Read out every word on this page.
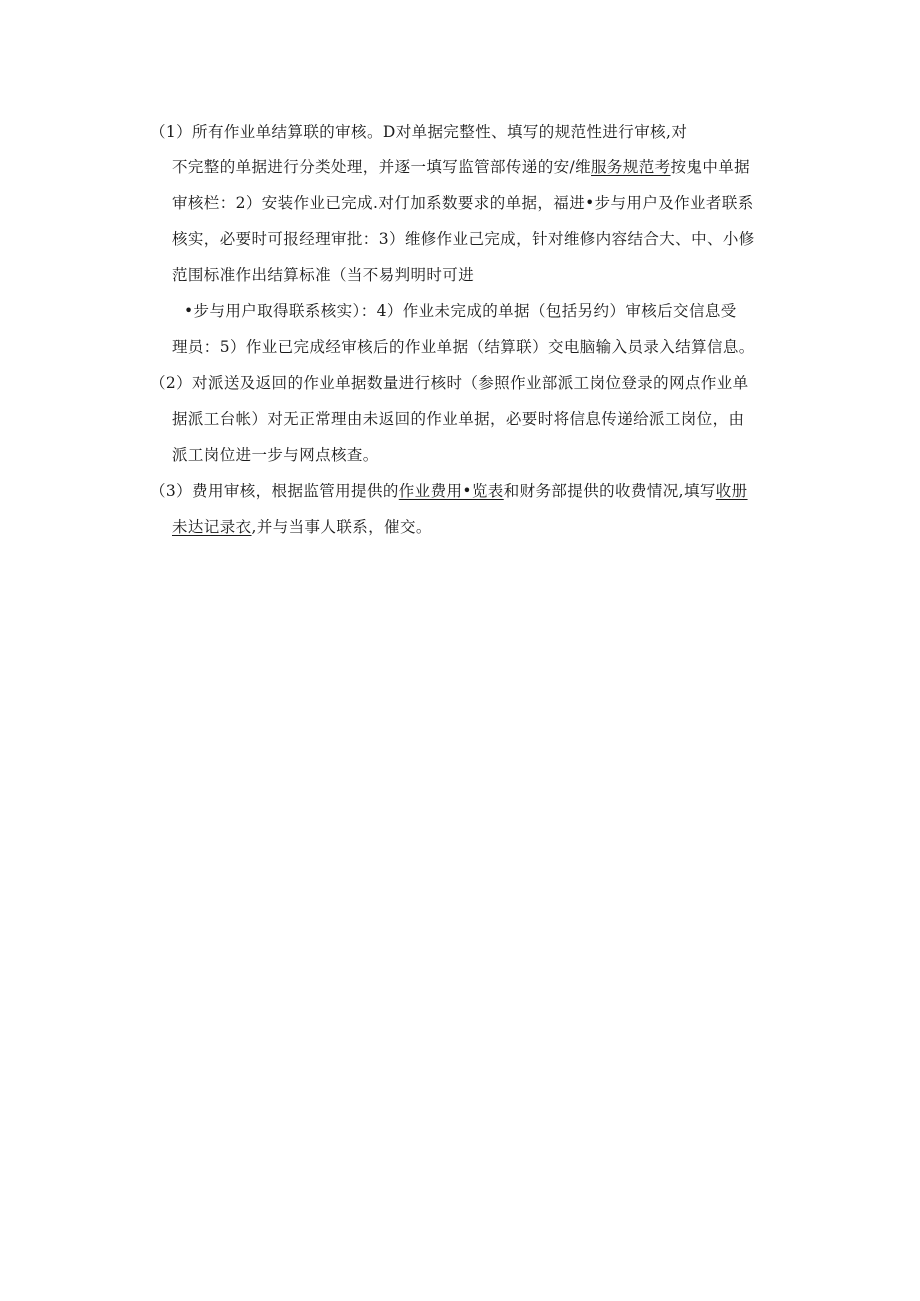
（1）所有作业单结算联的审核。D对单据完整性、填写的规范性进行审核,对
不完整的单据进行分类处理，并逐一填写监管部传递的安/维服务规范考按鬼中单据
审核栏：2）安装作业已完成.对仃加系数要求的单据，福进•步与用户及作业者联系
核实，必要时可报经理审批：3）维修作业己完成，针对维修内容结合大、中、小修
范围标准作出结算标准（当不易判明时可进
•步与用户取得联系核实）：4）作业未完成的单据（包括另约）审核后交信息受
理员：5）作业已完成经审核后的作业单据（结算联）交电脑输入员录入结算信息。
（2）对派送及返回的作业单据数量进行核时（参照作业部派工岗位登录的网点作业单
据派工台帐）对无正常理由未返回的作业单据，必要时将信息传递给派工岗位，由
派工岗位进一步与网点核查。
（3）费用审核，根据监管用提供的作业费用•览表和财务部提供的收费情况,填写收册
未达记录衣,并与当事人联系，催交。
